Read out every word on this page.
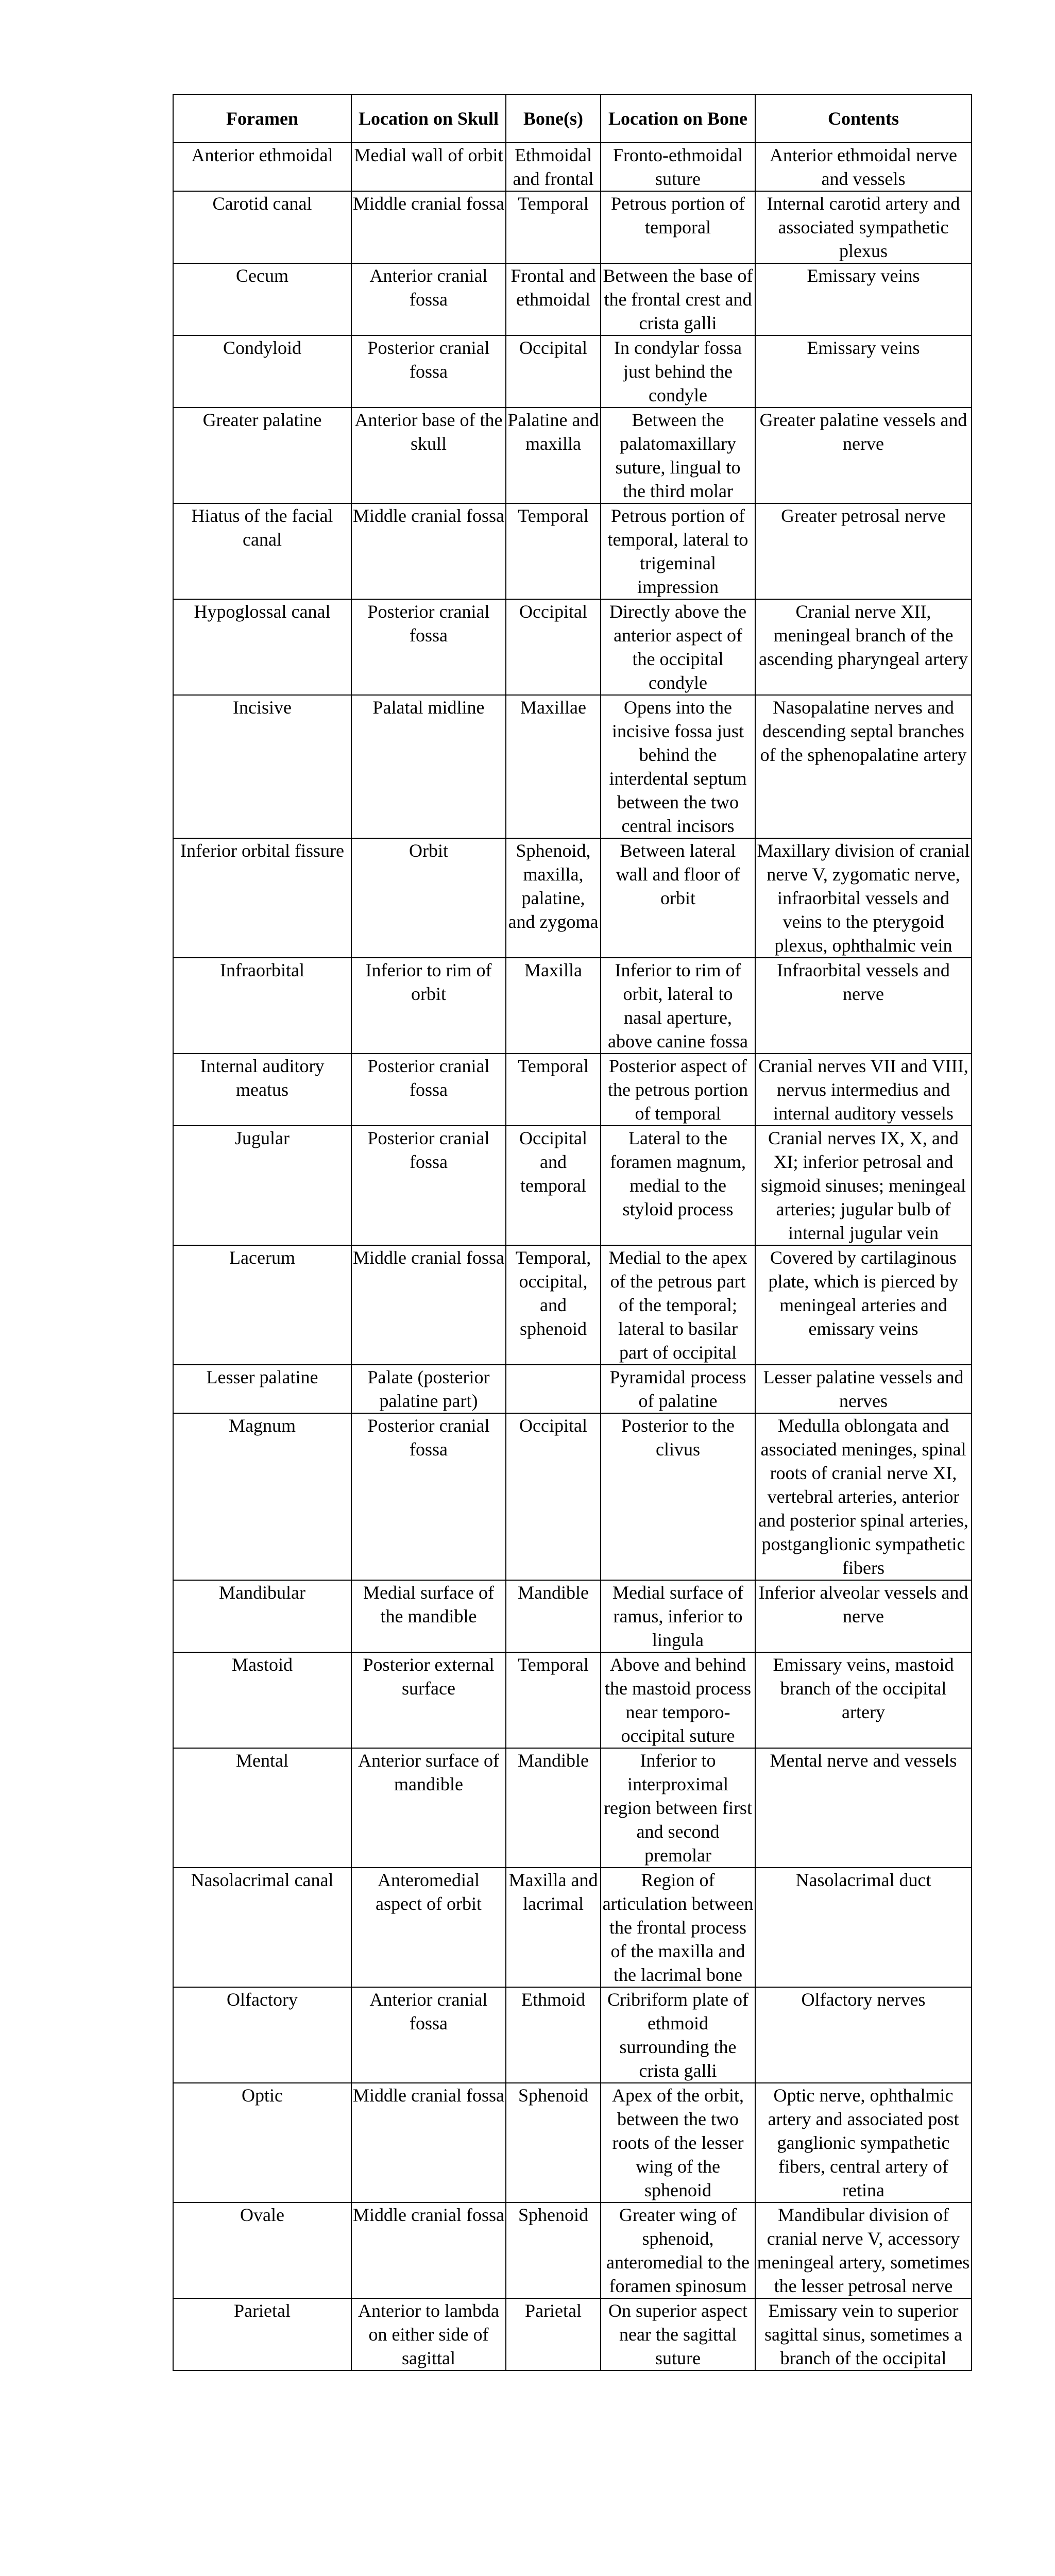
Foramen	Location on Skull	Bone(s)	Location on Bone	Contents
Anterior ethmoidal	Medial wall of orbit	Ethmoidal and frontal	Fronto-ethmoidal suture	Anterior ethmoidal nerve and vessels
Carotid canal	Middle cranial fossa	Temporal	Petrous portion of temporal	Internal carotid artery and associated sympathetic plexus
Cecum	Anterior cranial fossa	Frontal and ethmoidal	Between the base of the frontal crest and crista galli	Emissary veins
Condyloid	Posterior cranial fossa	Occipital	In condylar fossa just behind the condyle	Emissary veins
Greater palatine	Anterior base of the skull	Palatine and maxilla	Between the palatomaxillary suture, lingual to the third molar	Greater palatine vessels and nerve
Hiatus of the facial canal	Middle cranial fossa	Temporal	Petrous portion of temporal, lateral to trigeminal impression	Greater petrosal nerve
Hypoglossal canal	Posterior cranial fossa	Occipital	Directly above the anterior aspect of the occipital condyle	Cranial nerve XII, meningeal branch of the ascending pharyngeal artery
Incisive	Palatal midline	Maxillae	Opens into the incisive fossa just behind the interdental septum between the two central incisors	Nasopalatine nerves and descending septal branches of the sphenopalatine artery
Inferior orbital fissure	Orbit	Sphenoid, maxilla, palatine, and zygoma	Between lateral wall and floor of orbit	Maxillary division of cranial nerve V, zygomatic nerve, infraorbital vessels and veins to the pterygoid plexus, ophthalmic vein
Infraorbital	Inferior to rim of orbit	Maxilla	Inferior to rim of orbit, lateral to nasal aperture, above canine fossa	Infraorbital vessels and nerve
Internal auditory meatus	Posterior cranial fossa	Temporal	Posterior aspect of the petrous portion of temporal	Cranial nerves VII and VIII, nervus intermedius and internal auditory vessels
Jugular	Posterior cranial fossa	Occipital and temporal	Lateral to the foramen magnum, medial to the styloid process	Cranial nerves IX, X, and XI; inferior petrosal and sigmoid sinuses; meningeal arteries; jugular bulb of internal jugular vein
Lacerum	Middle cranial fossa	Temporal, occipital, and sphenoid	Medial to the apex of the petrous part of the temporal; lateral to basilar part of occipital	Covered by cartilaginous plate, which is pierced by meningeal arteries and emissary veins
Lesser palatine	Palate (posterior palatine part)		Pyramidal process of palatine	Lesser palatine vessels and nerves
Magnum	Posterior cranial fossa	Occipital	Posterior to the clivus	Medulla oblongata and associated meninges, spinal roots of cranial nerve XI, vertebral arteries, anterior and posterior spinal arteries, postganglionic sympathetic fibers
Mandibular	Medial surface of the mandible	Mandible	Medial surface of ramus, inferior to lingula	Inferior alveolar vessels and nerve
Mastoid	Posterior external surface	Temporal	Above and behind the mastoid process near temporo-occipital suture	Emissary veins, mastoid branch of the occipital artery
Mental	Anterior surface of mandible	Mandible	Inferior to interproximal region between first and second premolar	Mental nerve and vessels
Nasolacrimal canal	Anteromedial aspect of orbit	Maxilla and lacrimal	Region of articulation between the frontal process of the maxilla and the lacrimal bone	Nasolacrimal duct
Olfactory	Anterior cranial fossa	Ethmoid	Cribriform plate of ethmoid surrounding the crista galli	Olfactory nerves
Optic	Middle cranial fossa	Sphenoid	Apex of the orbit, between the two roots of the lesser wing of the sphenoid	Optic nerve, ophthalmic artery and associated post ganglionic sympathetic fibers, central artery of retina
Ovale	Middle cranial fossa	Sphenoid	Greater wing of sphenoid, anteromedial to the foramen spinosum	Mandibular division of cranial nerve V, accessory meningeal artery, sometimes the lesser petrosal nerve
Parietal	Anterior to lambda on either side of sagittal	Parietal	On superior aspect near the sagittal suture	Emissary vein to superior sagittal sinus, sometimes a branch of the occipital
